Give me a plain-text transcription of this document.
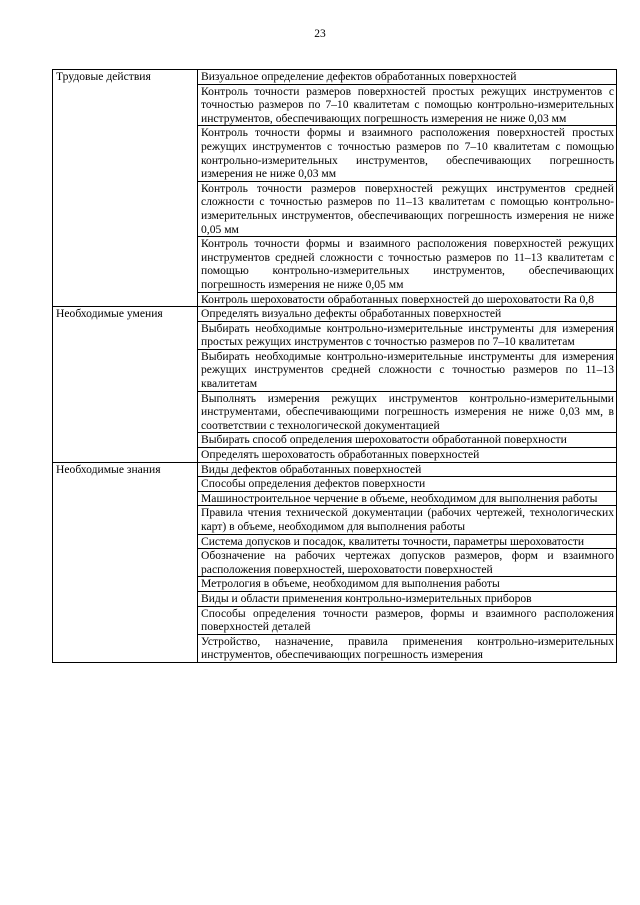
23
Трудовые действия	Визуальное определение дефектов обработанных поверхностей
	Контроль точности размеров поверхностей простых режущих инструментов с точностью размеров по 7–10 квалитетам с помощью контрольно-измерительных инструментов, обеспечивающих погрешность измерения не ниже 0,03 мм
	Контроль точности формы и взаимного расположения поверхностей простых режущих инструментов с точностью размеров по 7–10 квалитетам с помощью контрольно-измерительных инструментов, обеспечивающих погрешность измерения не ниже 0,03 мм
	Контроль точности размеров поверхностей режущих инструментов средней сложности с точностью размеров по 11–13 квалитетам с помощью контрольно-измерительных инструментов, обеспечивающих погрешность измерения не ниже 0,05 мм
	Контроль точности формы и взаимного расположения поверхностей режущих инструментов средней сложности с точностью размеров по 11–13 квалитетам с помощью контрольно-измерительных инструментов, обеспечивающих погрешность измерения не ниже 0,05 мм
	Контроль шероховатости обработанных поверхностей до шероховатости Ra 0,8
Необходимые умения	Определять визуально дефекты обработанных поверхностей
	Выбирать необходимые контрольно-измерительные инструменты для измерения простых режущих инструментов с точностью размеров по 7–10 квалитетам
	Выбирать необходимые контрольно-измерительные инструменты для измерения режущих инструментов средней сложности с точностью размеров по 11–13 квалитетам
	Выполнять измерения режущих инструментов контрольно-измерительными инструментами, обеспечивающими погрешность измерения не ниже 0,03 мм, в соответствии с технологической документацией
	Выбирать способ определения шероховатости обработанной поверхности
	Определять шероховатость обработанных поверхностей
Необходимые знания	Виды дефектов обработанных поверхностей
	Способы определения дефектов поверхности
	Машиностроительное черчение в объеме, необходимом для выполнения работы
	Правила чтения технической документации (рабочих чертежей, технологических карт) в объеме, необходимом для выполнения работы
	Система допусков и посадок, квалитеты точности, параметры шероховатости
	Обозначение на рабочих чертежах допусков размеров, форм и взаимного расположения поверхностей, шероховатости поверхностей
	Метрология в объеме, необходимом для выполнения работы
	Виды и области применения контрольно-измерительных приборов
	Способы определения точности размеров, формы и взаимного расположения поверхностей деталей
	Устройство, назначение, правила применения контрольно-измерительных инструментов, обеспечивающих погрешность измерения
